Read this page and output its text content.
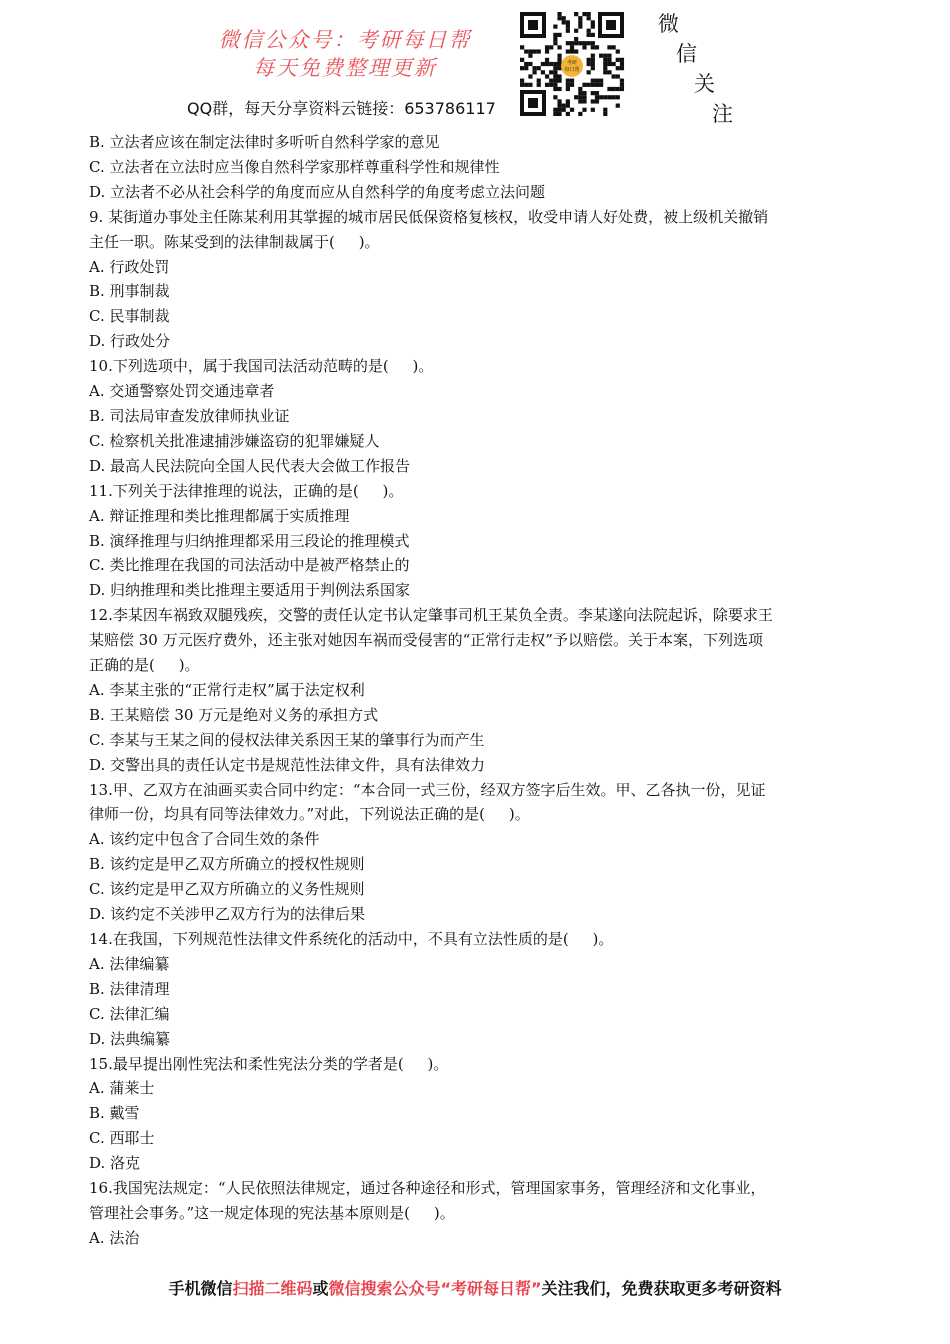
微信公众号：考研每日帮
每天免费整理更新
QQ群，每天分享资料云链接：653786117
考研
每日帮
微
信
关
注
B. 立法者应该在制定法律时多听听自然科学家的意见
C. 立法者在立法时应当像自然科学家那样尊重科学性和规律性
D. 立法者不必从社会科学的角度而应从自然科学的角度考虑立法问题
9. 某街道办事处主任陈某利用其掌握的城市居民低保资格复核权，收受申请人好处费，被上级机关撤销
主任一职。陈某受到的法律制裁属于(     )。
A. 行政处罚
B. 刑事制裁
C. 民事制裁
D. 行政处分
10.下列选项中，属于我国司法活动范畴的是(     )。
A. 交通警察处罚交通违章者
B. 司法局审查发放律师执业证
C. 检察机关批准逮捕涉嫌盗窃的犯罪嫌疑人
D. 最高人民法院向全国人民代表大会做工作报告
11.下列关于法律推理的说法，正确的是(     )。
A. 辩证推理和类比推理都属于实质推理
B. 演绎推理与归纳推理都采用三段论的推理模式
C. 类比推理在我国的司法活动中是被严格禁止的
D. 归纳推理和类比推理主要适用于判例法系国家
12.李某因车祸致双腿残疾，交警的责任认定书认定肇事司机王某负全责。李某遂向法院起诉，除要求王
某赔偿 30 万元医疗费外，还主张对她因车祸而受侵害的“正常行走权”予以赔偿。关于本案，下列选项
正确的是(     )。
A. 李某主张的“正常行走权”属于法定权利
B. 王某赔偿 30 万元是绝对义务的承担方式
C. 李某与王某之间的侵权法律关系因王某的肇事行为而产生
D. 交警出具的责任认定书是规范性法律文件，具有法律效力
13.甲、乙双方在油画买卖合同中约定：“本合同一式三份，经双方签字后生效。甲、乙各执一份，见证
律师一份，均具有同等法律效力。”对此，下列说法正确的是(     )。
A. 该约定中包含了合同生效的条件
B. 该约定是甲乙双方所确立的授权性规则
C. 该约定是甲乙双方所确立的义务性规则
D. 该约定不关涉甲乙双方行为的法律后果
14.在我国，下列规范性法律文件系统化的活动中，不具有立法性质的是(     )。
A. 法律编纂
B. 法律清理
C. 法律汇编
D. 法典编纂
15.最早提出刚性宪法和柔性宪法分类的学者是(     )。
A. 蒲莱士
B. 戴雪
C. 西耶士
D. 洛克
16.我国宪法规定：“人民依照法律规定，通过各种途径和形式，管理国家事务，管理经济和文化事业，
管理社会事务。”这一规定体现的宪法基本原则是(     )。
A. 法治
手机微信扫描二维码或微信搜索公众号“考研每日帮”关注我们，免费获取更多考研资料
